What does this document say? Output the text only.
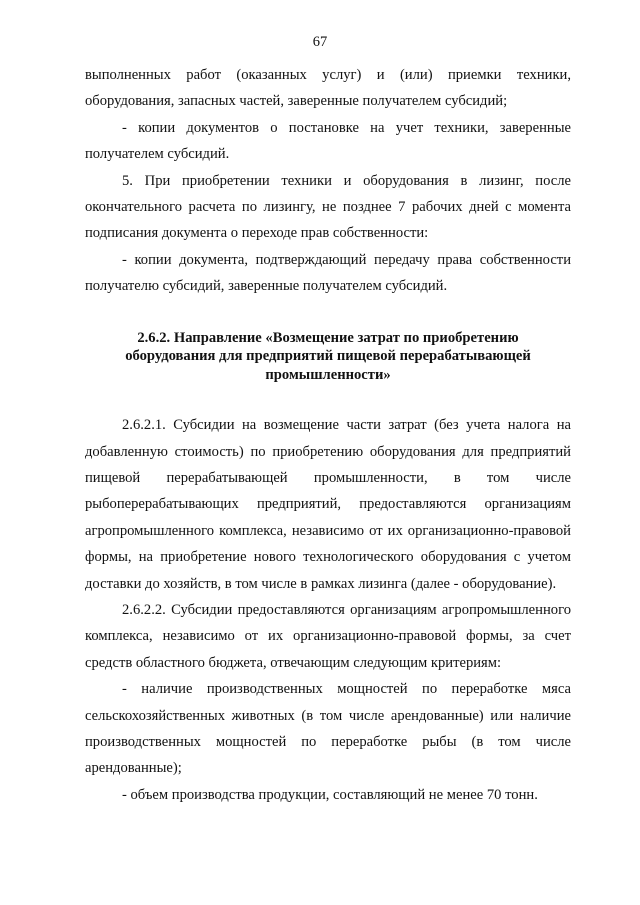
67

выполненных работ (оказанных услуг) и (или) приемки техники, оборудования, запасных частей, заверенные получателем субсидий;

- копии документов о постановке на учет техники, заверенные получателем субсидий.

5. При приобретении техники и оборудования в лизинг, после окончательного расчета по лизингу, не позднее 7 рабочих дней с момента подписания документа о переходе прав собственности:

- копии документа, подтверждающий передачу права собственности получателю субсидий, заверенные получателем субсидий.

2.6.2. Направление «Возмещение затрат по приобретению
оборудования для предприятий пищевой перерабатывающей
промышленности»

2.6.2.1. Субсидии на возмещение части затрат (без учета налога на добавленную стоимость) по приобретению оборудования для предприятий пищевой перерабатывающей промышленности, в том числе рыбоперерабатывающих предприятий, предоставляются организациям агропромышленного комплекса, независимо от их организационно-правовой формы, на приобретение нового технологического оборудования с учетом доставки до хозяйств, в том числе в рамках лизинга (далее - оборудование).

2.6.2.2. Субсидии предоставляются организациям агропромышленного комплекса, независимо от их организационно-правовой формы, за счет средств областного бюджета, отвечающим следующим критериям:

- наличие производственных мощностей по переработке мяса сельскохозяйственных животных (в том числе арендованные) или наличие производственных мощностей по переработке рыбы (в том числе арендованные);

- объем производства продукции, составляющий не менее 70 тонн.
